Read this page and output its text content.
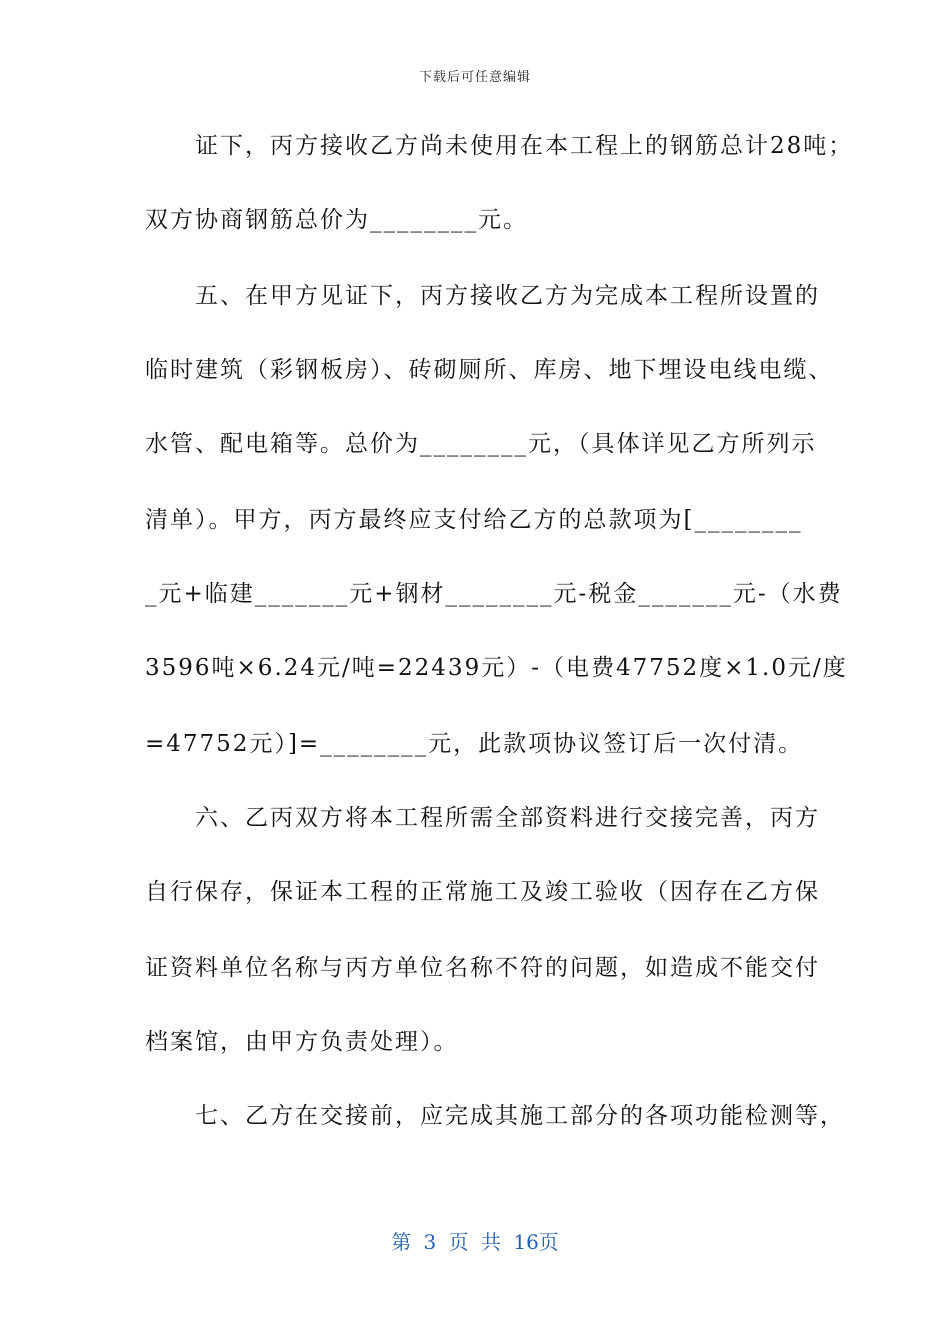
下载后可任意编辑
　　证下，丙方接收乙方尚未使用在本工程上的钢筋总计28吨；
双方协商钢筋总价为________元。
　　五、在甲方见证下，丙方接收乙方为完成本工程所设置的
临时建筑（彩钢板房）、砖砌厕所、库房、地下埋设电线电缆、
水管、配电箱等。总价为________元，（具体详见乙方所列示
清单）。甲方，丙方最终应支付给乙方的总款项为[________
_元+临建_______元+钢材________元-税金_______元-（水费
3596吨×6.24元/吨=22439元）-（电费47752度×1.0元/度
=47752元）]=________元，此款项协议签订后一次付清。
　　六、乙丙双方将本工程所需全部资料进行交接完善，丙方
自行保存，保证本工程的正常施工及竣工验收（因存在乙方保
证资料单位名称与丙方单位名称不符的问题，如造成不能交付
档案馆，由甲方负责处理）。
　　七、乙方在交接前，应完成其施工部分的各项功能检测等，
第 3 页 共 16页
